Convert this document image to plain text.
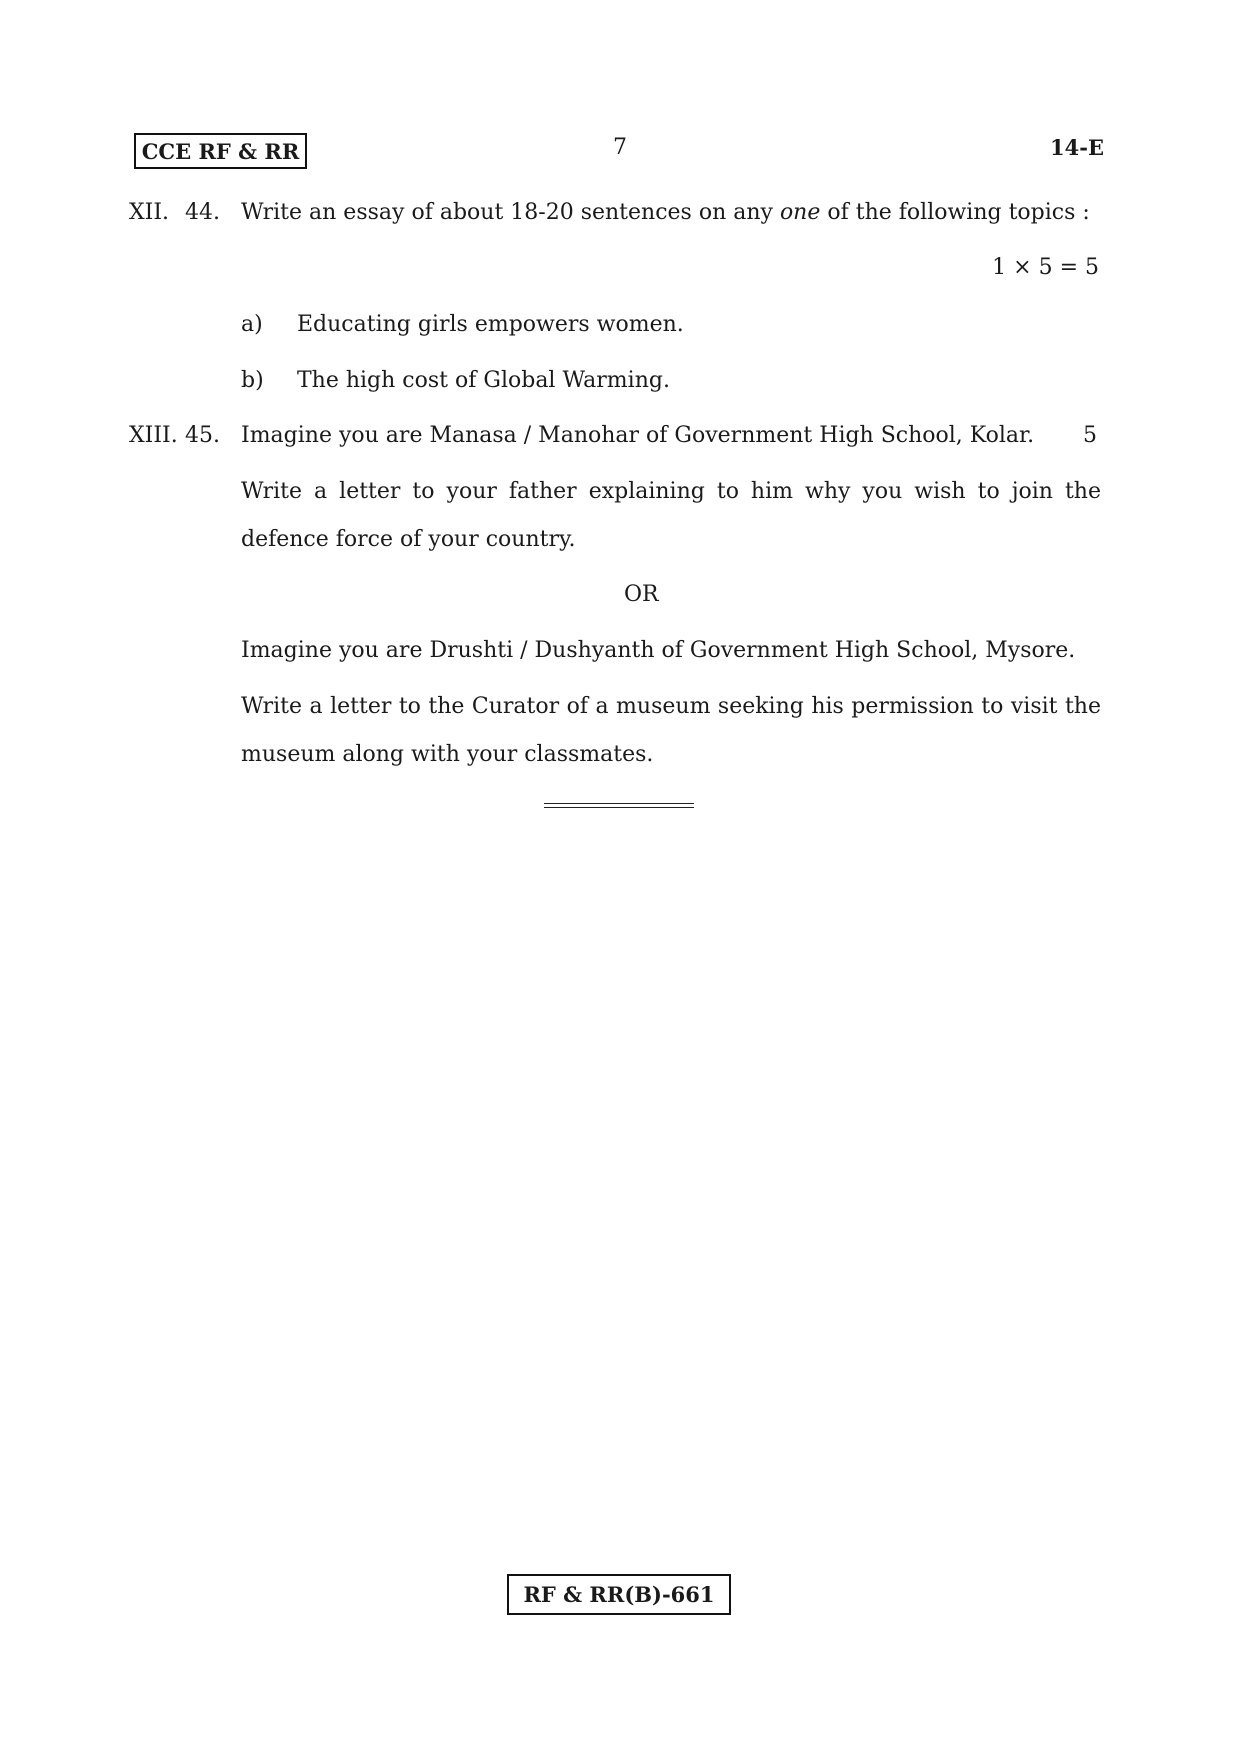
CCE RF & RR	7	14-E
XII. 44. Write an essay of about 18-20 sentences on any one of the following topics :
1 × 5 = 5
a) Educating girls empowers women.
b) The high cost of Global Warming.
XIII. 45. Imagine you are Manasa / Manohar of Government High School, Kolar. 5
Write a letter to your father explaining to him why you wish to join the defence force of your country.
OR
Imagine you are Drushti / Dushyanth of Government High School, Mysore.
Write a letter to the Curator of a museum seeking his permission to visit the museum along with your classmates.
RF & RR(B)-661
